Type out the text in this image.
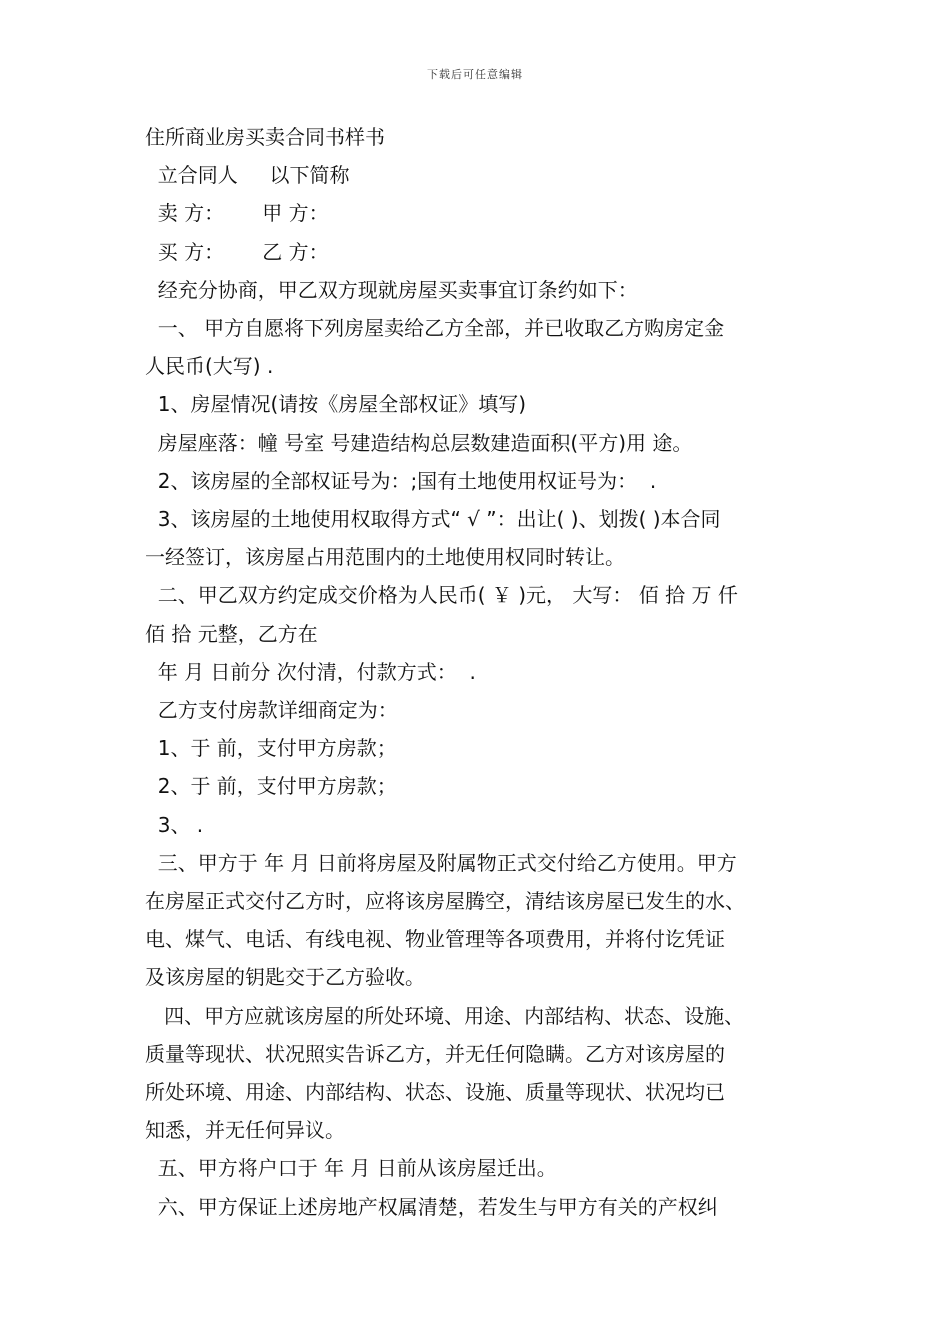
下载后可任意编辑

住所商业房买卖合同书样书

立合同人     以下简称

卖 方：      甲 方：

买 方：      乙 方：

经充分协商，甲乙双方现就房屋买卖事宜订条约如下：

一、 甲方自愿将下列房屋卖给乙方全部，并已收取乙方购房定金

人民币(大写) .

1、房屋情况(请按《房屋全部权证》填写)

房屋座落：幢 号室 号建造结构总层数建造面积(平方)用 途。

2、该房屋的全部权证号为：;国有土地使用权证号为：  .

3、该房屋的土地使用权取得方式“ √ ”：出让( )、划拨( )本合同

一经签订，该房屋占用范围内的土地使用权同时转让。

二、甲乙双方约定成交价格为人民币( ￥ )元， 大写： 佰 拾 万 仟

佰 拾 元整，乙方在

年 月 日前分 次付清，付款方式：  .

乙方支付房款详细商定为：

1、于 前，支付甲方房款；

2、于 前，支付甲方房款；

3、 .

三、甲方于 年 月 日前将房屋及附属物正式交付给乙方使用。甲方

在房屋正式交付乙方时，应将该房屋腾空，清结该房屋已发生的水、

电、煤气、电话、有线电视、物业管理等各项费用，并将付讫凭证

及该房屋的钥匙交于乙方验收。

四、甲方应就该房屋的所处环境、用途、内部结构、状态、设施、

质量等现状、状况照实告诉乙方，并无任何隐瞒。乙方对该房屋的

所处环境、用途、内部结构、状态、设施、质量等现状、状况均已

知悉，并无任何异议。

五、甲方将户口于 年 月 日前从该房屋迁出。

六、甲方保证上述房地产权属清楚，若发生与甲方有关的产权纠
